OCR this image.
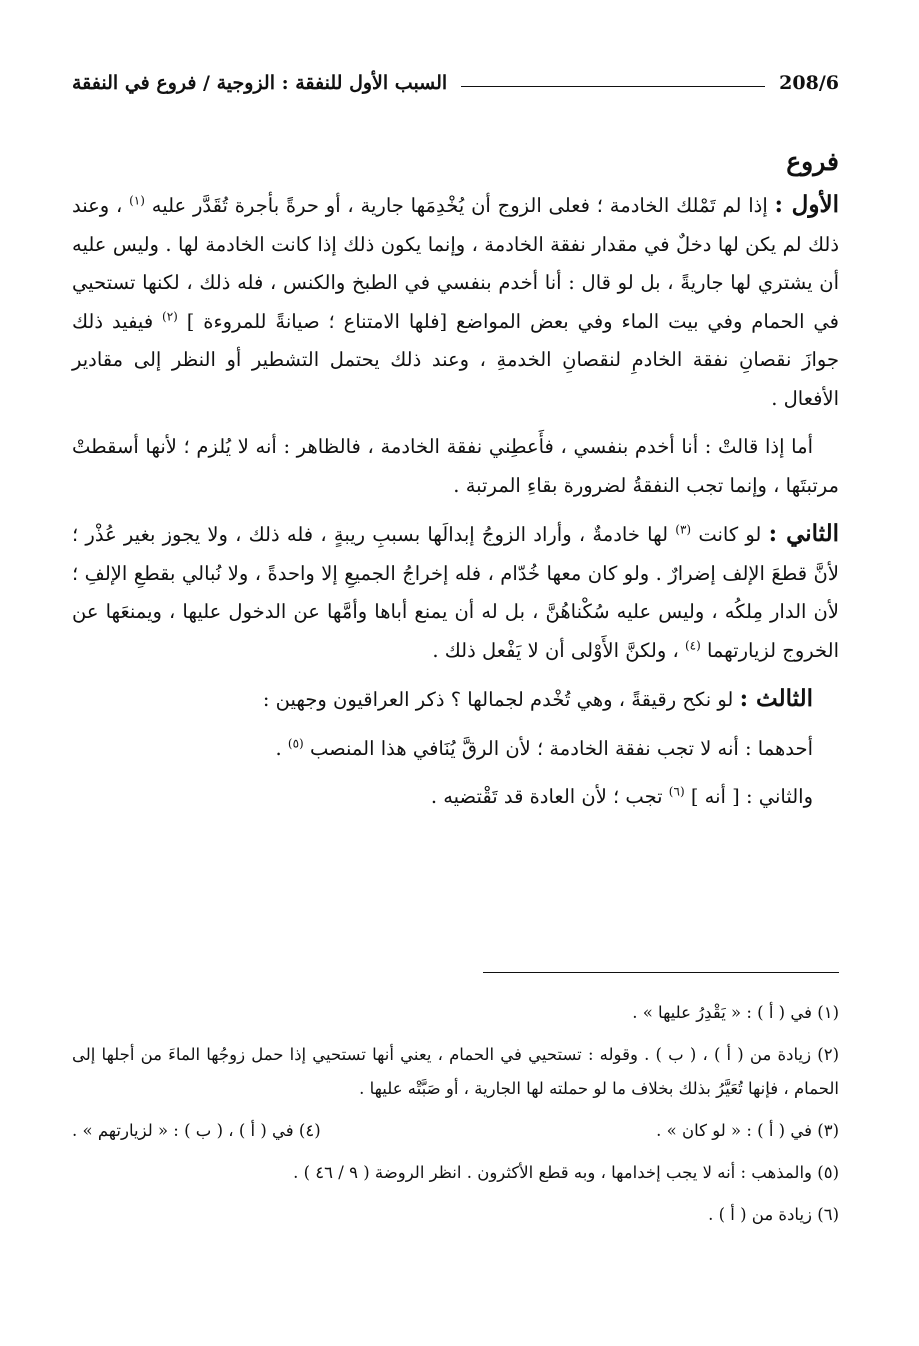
208/6
السبب الأول للنفقة : الزوجية / فروع في النفقة
فروع

الأول : إذا لم تَمْلك الخادمة ؛ فعلى الزوج أن يُخْدِمَها جارية ، أو حرةً بأجرة تُقَدَّر عليه $^{(١)}$ ، وعند ذلك لم يكن لها دخلٌ في مقدار نفقة الخادمة ، وإنما يكون ذلك إذا كانت الخادمة لها . وليس عليه أن يشتري لها جاريةً ، بل لو قال : أنا أخدم بنفسي في الطبخ والكنس ، فله ذلك ، لكنها تستحيي في الحمام وفي بيت الماء وفي بعض المواضع [فلها الامتناع ؛ صيانةً للمروءة ] $^{(٢)}$ فيفيد ذلك جوازَ نقصانِ نفقة الخادمِ لنقصانِ الخدمةِ ، وعند ذلك يحتمل التشطير أو النظر إلى مقادير الأفعال .

أما إذا قالتْ : أنا أخدم بنفسي ، فأَعطِني نفقة الخادمة ، فالظاهر : أنه لا يُلزم ؛ لأنها أسقطتْ مرتبتَها ، وإنما تجب النفقةُ لضرورة بقاءِ المرتبة .

الثاني : لو كانت $^{(٣)}$ لها خادمةٌ ، وأراد الزوجُ إبدالَها بسببِ ريبةٍ ، فله ذلك ، ولا يجوز بغير عُذْر ؛ لأنَّ قطعَ الإلف إضرارٌ . ولو كان معها خُدّام ، فله إخراجُ الجميعِ إلا واحدةً ، ولا نُبالي بقطعِ الإلفِ ؛ لأن الدار مِلكُه ، وليس عليه سُكْناهُنَّ ، بل له أن يمنع أباها وأمَّها عن الدخول عليها ، ويمنعَها عن الخروج لزيارتهما $^{(٤)}$ ، ولكنَّ الأَوْلى أن لا يَفْعل ذلك .

الثالث : لو نكح رقيقةً ، وهي تُخْدم لجمالها ؟ ذكر العراقيون وجهين :

أحدهما : أنه لا تجب نفقة الخادمة ؛ لأن الرقَّ يُنَافي هذا المنصب $^{(٥)}$ .

والثاني : [ أنه ] $^{(٦)}$ تجب ؛ لأن العادة قد تَقْتضيه .

(١) في ( أ ) : « يَقْدِرُ عليها » .

(٢) زيادة من ( أ ) ، ( ب ) . وقوله : تستحيي في الحمام ، يعني أنها تستحيي إذا حمل زوجُها الماءَ من أجلها إلى الحمام ، فإنها تُعَيَّرُ بذلك بخلاف ما لو حملته لها الجارية ، أو صَبَّتْه عليها .

(٣) في ( أ ) : « لو كان » .
(٤) في ( أ ) ، ( ب ) : « لزيارتهم » .

(٥) والمذهب : أنه لا يجب إخدامها ، وبه قطع الأكثرون . انظر الروضة ( ٩ / ٤٦ ) .

(٦) زيادة من ( أ ) .
